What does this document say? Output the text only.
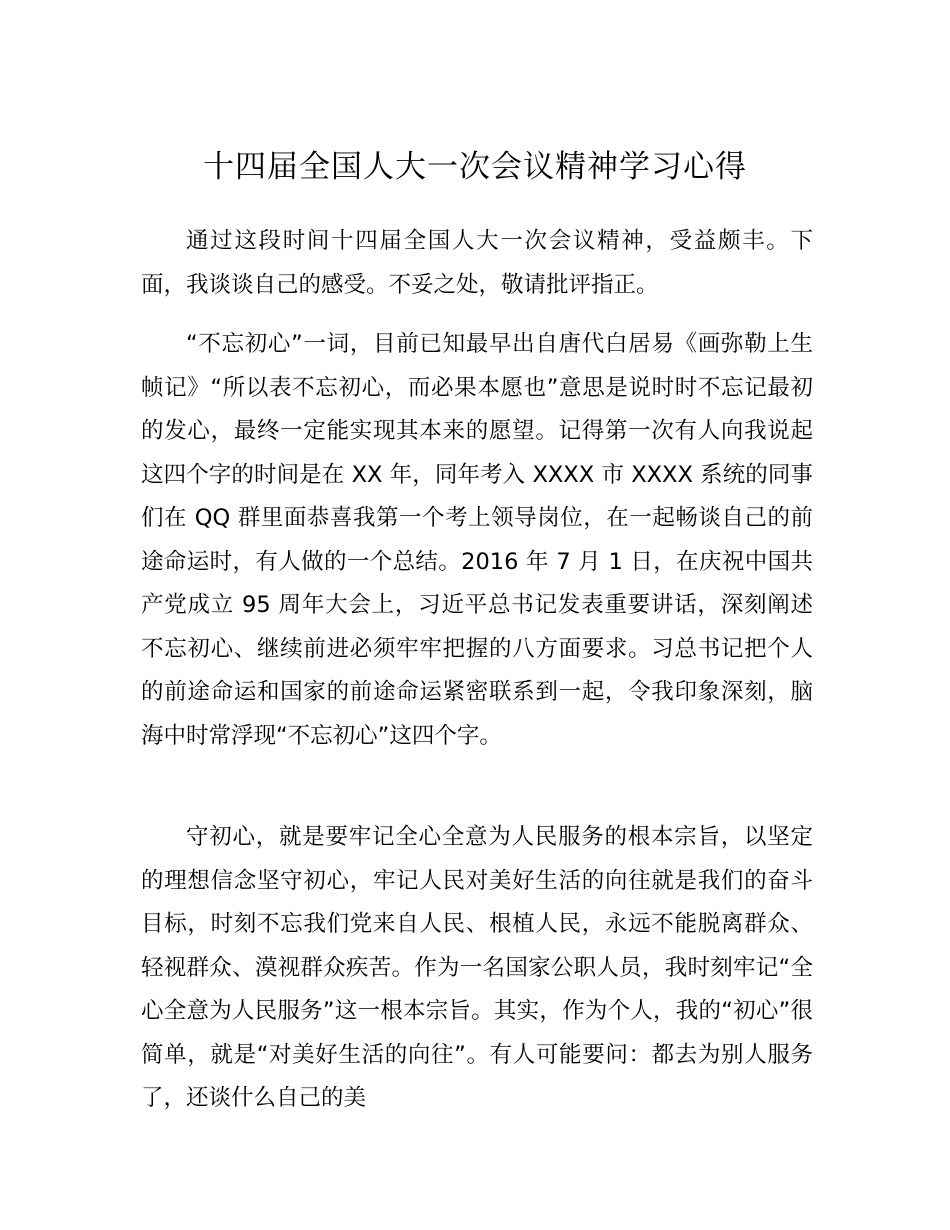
十四届全国人大一次会议精神学习心得

通过这段时间十四届全国人大一次会议精神，受益颇丰。下面，我谈谈自己的感受。不妥之处，敬请批评指正。

“不忘初心”一词，目前已知最早出自唐代白居易《画弥勒上生帧记》“所以表不忘初心，而必果本愿也”意思是说时时不忘记最初的发心，最终一定能实现其本来的愿望。记得第一次有人向我说起这四个字的时间是在 XX 年，同年考入 XXXX 市 XXXX 系统的同事们在 QQ 群里面恭喜我第一个考上领导岗位，在一起畅谈自己的前途命运时，有人做的一个总结。2016 年 7 月 1 日，在庆祝中国共产党成立 95 周年大会上，习近平总书记发表重要讲话，深刻阐述不忘初心、继续前进必须牢牢把握的八方面要求。习总书记把个人的前途命运和国家的前途命运紧密联系到一起，令我印象深刻，脑海中时常浮现“不忘初心”这四个字。

守初心，就是要牢记全心全意为人民服务的根本宗旨，以坚定的理想信念坚守初心，牢记人民对美好生活的向往就是我们的奋斗目标，时刻不忘我们党来自人民、根植人民，永远不能脱离群众、轻视群众、漠视群众疾苦。作为一名国家公职人员，我时刻牢记“全心全意为人民服务”这一根本宗旨。其实，作为个人，我的“初心”很简单，就是“对美好生活的向往”。有人可能要问：都去为别人服务了，还谈什么自己的美
